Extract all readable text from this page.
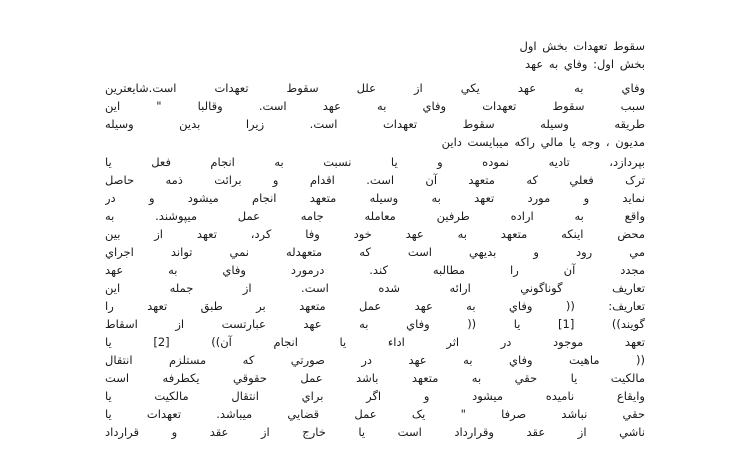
سقوط تعهدات بخش اول
بخش اول: وفاي به عهد
وفاي به عهد يکي از علل سقوط تعهدات است.شايعترين
سبب سقوط تعهدات وفاي به عهد است. وقالبا " اين
طريقه وسيله سقوط تعهدات است. زيرا بدين وسيله
مديون ، وجه يا مالي راکه ميبايست داين
بپردازد، تاديه نموده و يا نسبت به انجام فعل يا
ترک فعلي که متعهد آن است. اقدام و برائت ذمه حاصل
نمايد و مورد تعهد به وسيله متعهد انجام ميشود و در
واقع به اراده طرفين معامله جامه عمل ميپوشند. به
محض اينکه متعهد به عهد خود وفا کرد، تعهد از بين
مي رود و بديهي است که متعهدله نمي تواند اجراي
مجدد آن را مطالبه کند. درمورد وفاي به عهد
تعاريف گوناگوني ارائه شده است. از جمله اين
تعاريف: (( وفاي به عهد عمل متعهد بر طبق تعهد را
گويند)) [1] يا (( وفاي به عهد عبارتست از اسقاط
تعهد موجود در اثر اداء يا انجام آن)) [2] يا
(( ماهيت وفاي به عهد در صورتي که مستلزم انتقال
مالکيت يا حقي به متعهد باشد عمل حقوقي يکطرفه است
وايقاع ناميده ميشود و اگر براي انتقال مالکيت يا
حقي نباشد صرفا " يک عمل قضايي ميباشد. تعهدات يا
ناشي از عقد وقرارداد است يا خارج از عقد و قرارداد
